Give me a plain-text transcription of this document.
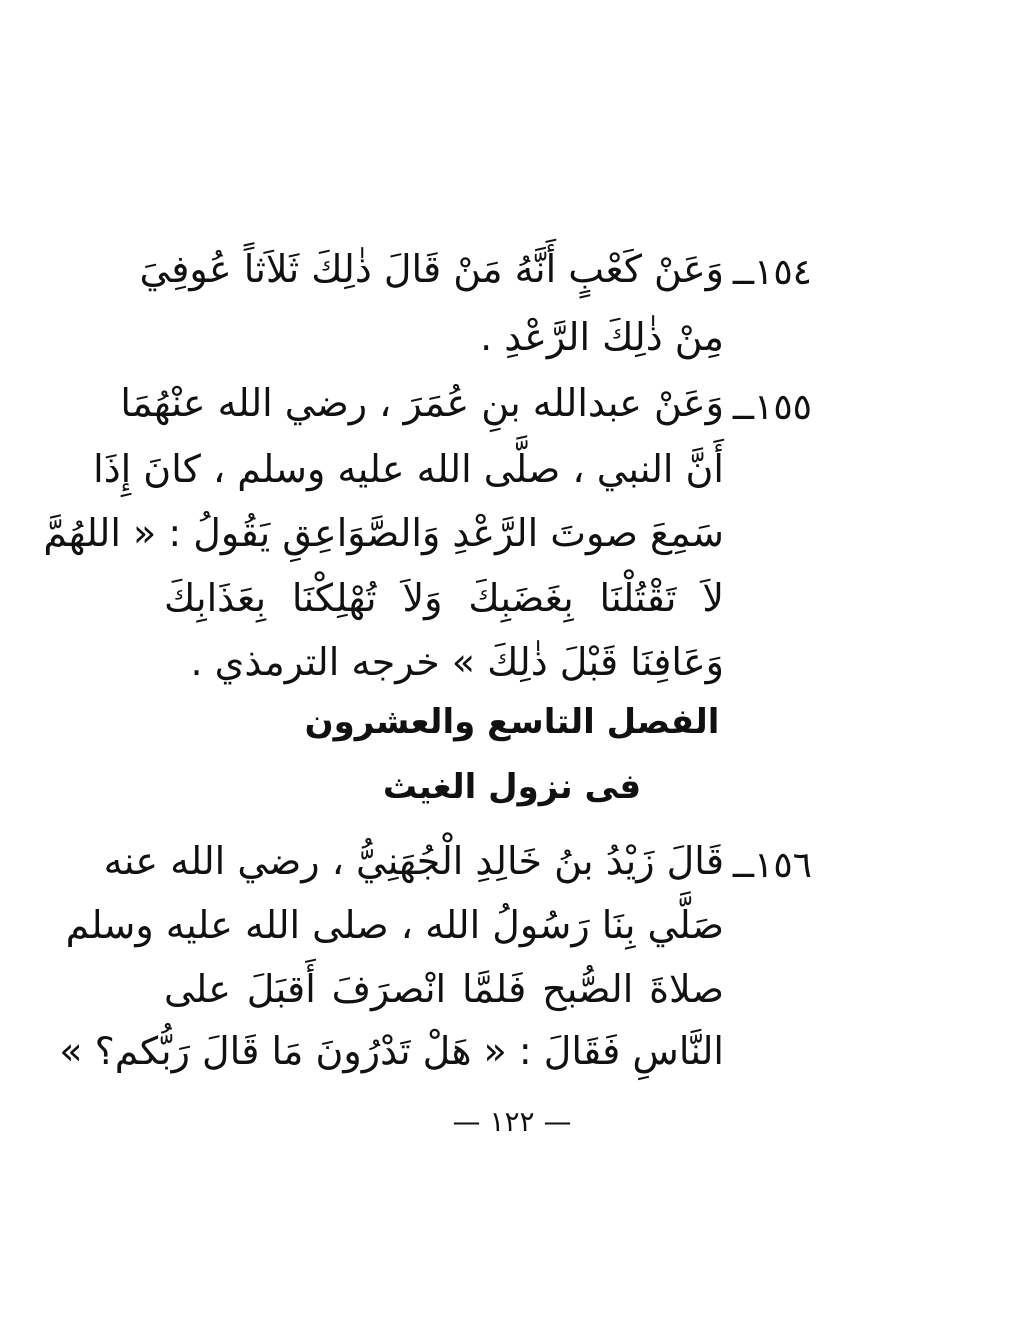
١٥٤ــ
وَعَنْ كَعْبٍ أَنَّهُ مَنْ قَالَ ذٰلِكَ ثَلاَثاً عُوفِيَ
مِنْ ذٰلِكَ الرَّعْدِ .
١٥٥ــ
وَعَنْ عبدالله بنِ عُمَرَ ، رضي الله عنْهُمَا
أَنَّ النبي ، صلَّى الله عليه وسلم ، كانَ إِذَا
سَمِعَ صوتَ الرَّعْدِ وَالصَّوَاعِقِ يَقُولُ : « اللهُمَّ
لاَ تَقْتُلْنَا بِغَضَبِكَ وَلاَ تُهْلِكْنَا بِعَذَابِكَ
وَعَافِنَا قَبْلَ ذٰلِكَ » خرجه الترمذي .
الفصل التاسع والعشرون
فى نزول الغيث
١٥٦ــ
قَالَ زَيْدُ بنُ خَالِدِ الْجُهَنِيُّ ، رضي الله عنه
صَلَّي بِنَا رَسُولُ الله ، صلى الله عليه وسلم
صلاةَ الصُّبح فَلمَّا انْصرَفَ أَقبَلَ على
النَّاسِ فَقَالَ : « هَلْ تَدْرُونَ مَا قَالَ رَبُّكم؟ »
— ١٢٢ —
